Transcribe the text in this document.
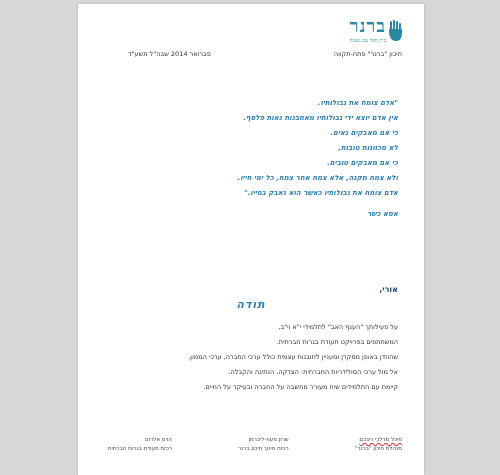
ברנר
בית ספר עם נשמה
תיכון "ברנר" פתח-תקווה
פברואר 2014 שבה"ל תשע"ד
"אדם צומח את גבולותיו.
אין אדם יוצא ידי גבולותיו מאחבנות נאות פלסף.
כי אם מאבקים נאים.
לא מכוונות טובות,
כי אם מאבקים טובים.
ולא צמח מקנה, אלא צמח אחר צמח, כל ימי חייו.
אדם צומח את גבולותיו כאשר הוא נאבק בחייו."
אסא כשר
אורי,
תודה
על פעילותך "הענף האב" לתלמידי י"א וי"ב,
המשתתפים בפרויקט תעודת בגרות חברתית.
שהוזדן באופן מסקרן ומעניין לתובנות עצמית כולל ערכי החברה, ערכי הממון,
אל מול ערכי הסולידריות החברתית: הצדקה, הנתינה והקבלה.
קיימת עם התלמידים שיח מעורר מחשבה על החברה ובעיקר על החיים.
הדס אלרום
רכזת תעודת בגרות חברתית
שרון מעוז-ליברמן
רכזת חינוך תיכון ברנר
מיכל מרלכי ריבכם
מנהלת תיכון "ברנר"
